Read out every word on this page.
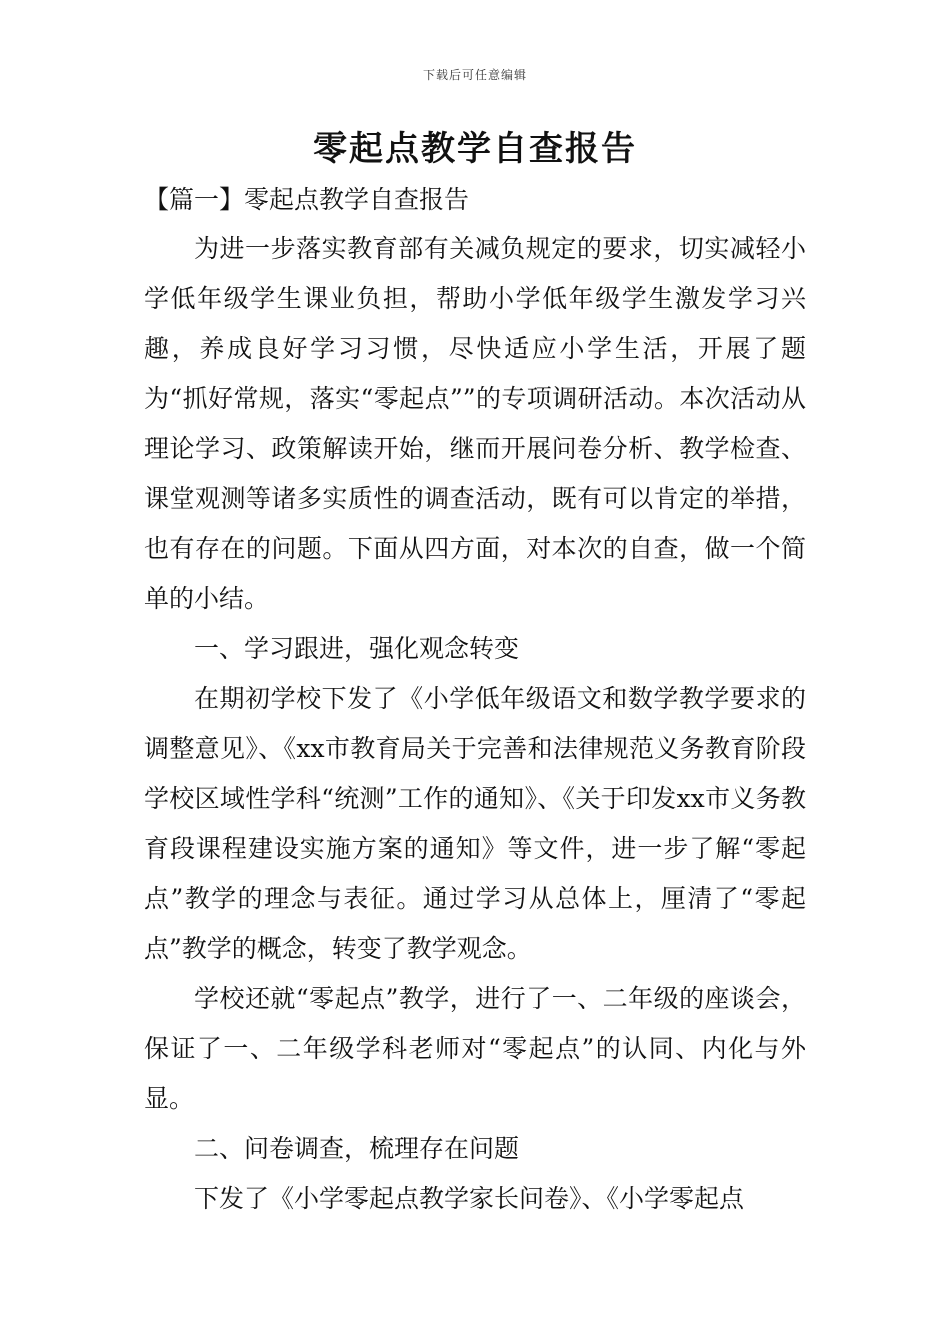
下载后可任意编辑
零起点教学自查报告
【篇一】零起点教学自查报告

为进一步落实教育部有关减负规定的要求，切实减轻小学低年级学生课业负担，帮助小学低年级学生激发学习兴趣，养成良好学习习惯，尽快适应小学生活，开展了题为“抓好常规，落实“零起点””的专项调研活动。本次活动从理论学习、政策解读开始，继而开展问卷分析、教学检查、课堂观测等诸多实质性的调查活动，既有可以肯定的举措，也有存在的问题。下面从四方面，对本次的自查，做一个简单的小结。

一、学习跟进，强化观念转变

在期初学校下发了《小学低年级语文和数学教学要求的调整意见》、《xx市教育局关于完善和法律规范义务教育阶段学校区域性学科“统测”工作的通知》、《关于印发xx市义务教育段课程建设实施方案的通知》等文件，进一步了解“零起点”教学的理念与表征。通过学习从总体上，厘清了“零起点”教学的概念，转变了教学观念。

学校还就“零起点”教学，进行了一、二年级的座谈会，保证了一、二年级学科老师对“零起点”的认同、内化与外显。

二、问卷调查，梳理存在问题

下发了《小学零起点教学家长问卷》、《小学零起点
